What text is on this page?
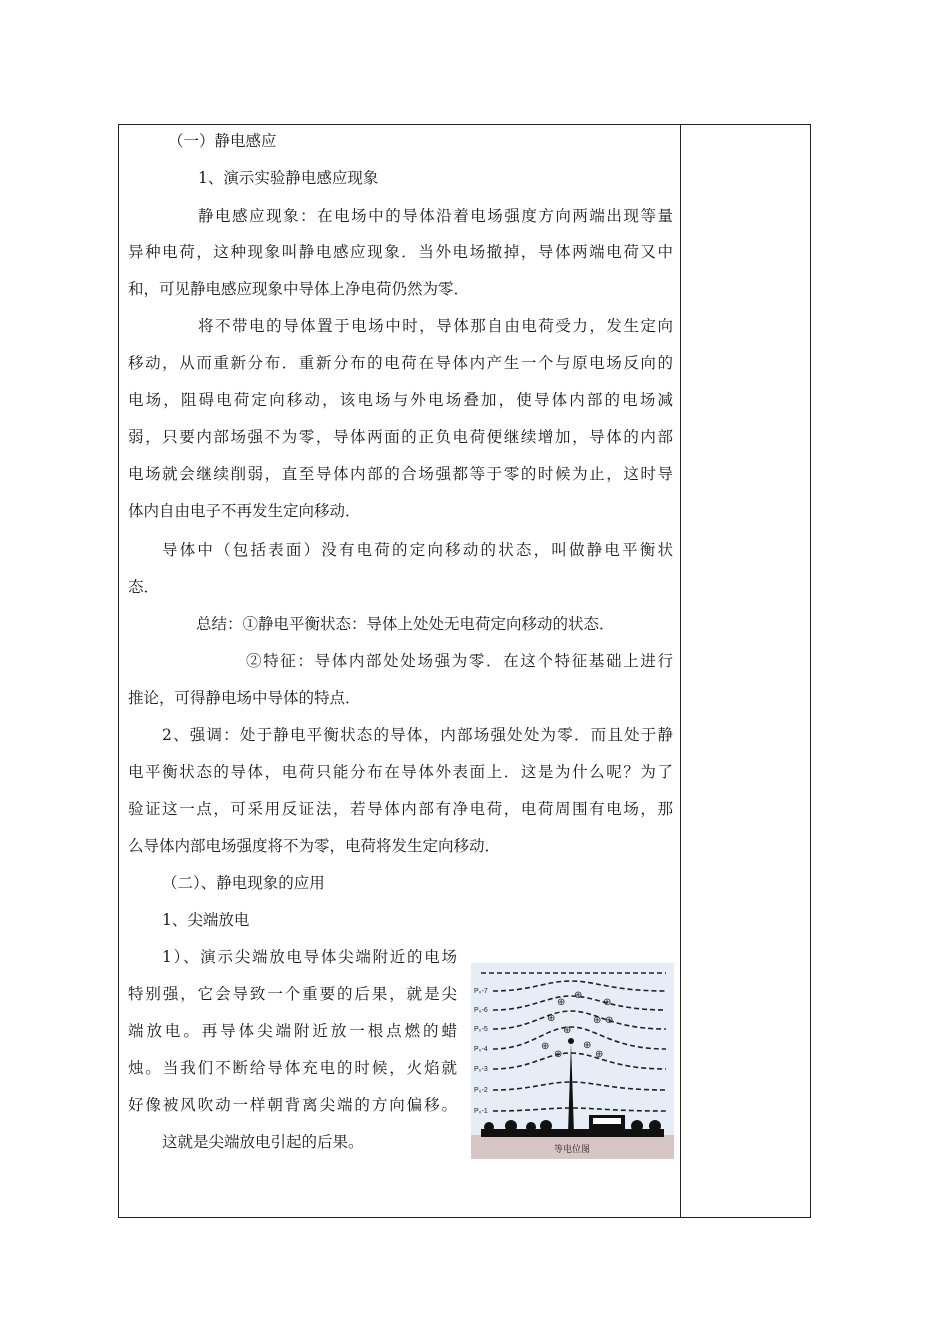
（一）静电感应
1、演示实验静电感应现象
静电感应现象：在电场中的导体沿着电场强度方向两端出现等量
异种电荷，这种现象叫静电感应现象．当外电场撤掉，导体两端电荷又中
和，可见静电感应现象中导体上净电荷仍然为零．
将不带电的导体置于电场中时，导体那自由电荷受力，发生定向
移动，从而重新分布．重新分布的电荷在导体内产生一个与原电场反向的
电场，阻碍电荷定向移动，该电场与外电场叠加，使导体内部的电场减
弱，只要内部场强不为零，导体两面的正负电荷便继续增加，导体的内部
电场就会继续削弱，直至导体内部的合场强都等于零的时候为止，这时导
体内自由电子不再发生定向移动．
导体中（包括表面）没有电荷的定向移动的状态，叫做静电平衡状
态．
总结：①静电平衡状态：导体上处处无电荷定向移动的状态．
②特征：导体内部处处场强为零．在这个特征基础上进行
推论，可得静电场中导体的特点．
2、强调：处于静电平衡状态的导体，内部场强处处为零．而且处于静
电平衡状态的导体，电荷只能分布在导体外表面上．这是为什么呢？为了
验证这一点，可采用反证法，若导体内部有净电荷，电荷周围有电场，那
么导体内部电场强度将不为零，电荷将发生定向移动．
（二）、静电现象的应用
1、尖端放电
1）、演示尖端放电导体尖端附近的电场
特别强，它会导致一个重要的后果，就是尖
端放电。再导体尖端附近放一根点燃的蜡
烛。当我们不断给导体充电的时候，火焰就
好像被风吹动一样朝背离尖端的方向偏移。
这就是尖端放电引起的后果。
P₀-7
P₀-6
P₀-5
P₀-4
P₀-3
P₀-2
P₀-1
⊕
⊕	⊕
⊕	⊕ ⊕
⊕	⊕
⊕	⊕
⊕
等电位图
